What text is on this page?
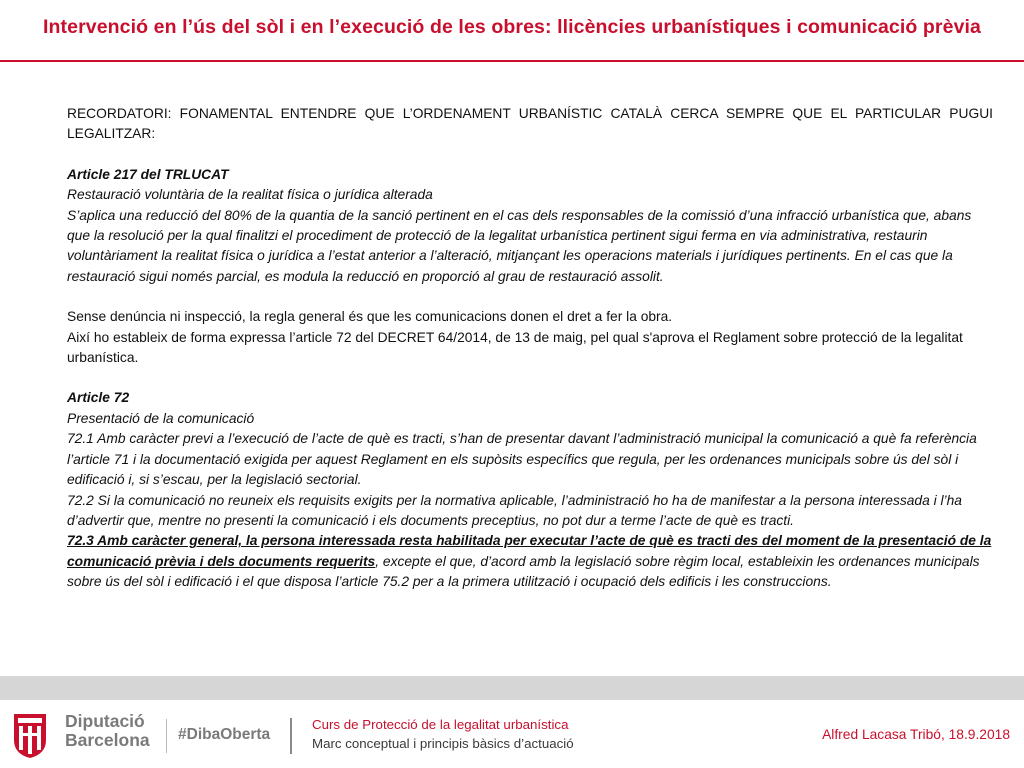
Intervenció en l’ús del sòl i en l’execució de les obres: llicències urbanístiques i comunicació prèvia

RECORDATORI: FONAMENTAL ENTENDRE QUE L’ORDENAMENT URBANÍSTIC CATALÀ CERCA SEMPRE QUE EL PARTICULAR PUGUI LEGALITZAR:

Article 217 del TRLUCAT

Restauració voluntària de la realitat física o jurídica alterada

S’aplica una reducció del 80% de la quantia de la sanció pertinent en el cas dels responsables de la comissió d’una infracció urbanística que, abans que la resolució per la qual finalitzi el procediment de protecció de la legalitat urbanística pertinent sigui ferma en via administrativa, restaurin voluntàriament la realitat física o jurídica a l’estat anterior a l’alteració, mitjançant les operacions materials i jurídiques pertinents. En el cas que la restauració sigui només parcial, es modula la reducció en proporció al grau de restauració assolit.

Sense denúncia ni inspecció, la regla general és que les comunicacions donen el dret a fer la obra.

Així ho estableix de forma expressa l’article 72 del DECRET 64/2014, de 13 de maig, pel qual s'aprova el Reglament sobre protecció de la legalitat urbanística.

Article 72

Presentació de la comunicació

72.1 Amb caràcter previ a l’execució de l’acte de què es tracti, s’han de presentar davant l’administració municipal la comunicació a què fa referència l’article 71 i la documentació exigida per aquest Reglament en els supòsits específics que regula, per les ordenances municipals sobre ús del sòl i edificació i, si s’escau, per la legislació sectorial.

72.2 Si la comunicació no reuneix els requisits exigits per la normativa aplicable, l’administració ho ha de manifestar a la persona interessada i l’ha d’advertir que, mentre no presenti la comunicació i els documents preceptius, no pot dur a terme l’acte de què es tracti.

72.3 Amb caràcter general, la persona interessada resta habilitada per executar l’acte de què es tracti des del moment de la presentació de la comunicació prèvia i dels documents requerits, excepte el que, d’acord amb la legislació sobre règim local, estableixin les ordenances municipals sobre ús del sòl i edificació i el que disposa l’article 75.2 per a la primera utilització i ocupació dels edificis i les construccions.

Diputació
Barcelona #DibaOberta
Curs de Protecció de la legalitat urbanística
Marc conceptual i principis bàsics d’actuació
Alfred Lacasa Tribó, 18.9.2018
